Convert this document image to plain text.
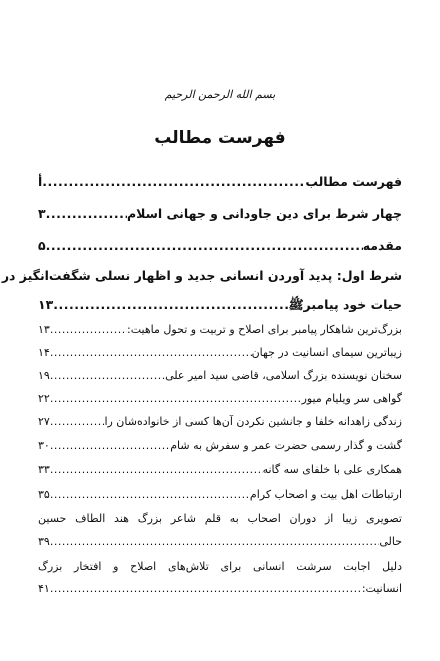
بسم الله الرحمن الرحیم
فهرست مطالب
فهرست مطالب
.....
أ
چهار شرط برای دین جاودانی و جهانی اسلام
.....
۳
مقدمه
.....
۵
شرط اول: پدید آوردن انسانی جدید و اظهار نسلی شگفت‌انگیز در
حیات خود پیامبرﷺ
.....
۱۳
بزرگ‌ترین شاهکار پیامبر برای اصلاح و تربیت و تحول ماهیت:
.....
۱۳
زیباترین سیمای انسانیت در جهان
.....
۱۴
سخنان نویسنده بزرگ اسلامی، قاضی سید امیر علی
.....
۱۹
گواهی سر ویلیام میور
.....
۲۲
زندگی زاهدانه خلفا و جانشین نکردن آن‌ها کسی از خانواده‌شان را
.....
۲۷
گشت و گذار رسمی حضرت عمر و سفرش به شام
.....
۳۰
همکاری علی با خلفای سه گانه
.....
۳۳
ارتباطات اهل بیت و اصحاب کرام
.....
۳۵
تصویری زیبا از دوران اصحاب به قلم شاعر بزرگ هند الطاف حسین
حالی
.....
۳۹
دلیل اجابت سرشت انسانی برای تلاش‌های اصلاح و افتخار بزرگ
انسانیت:
.....
۴۱
